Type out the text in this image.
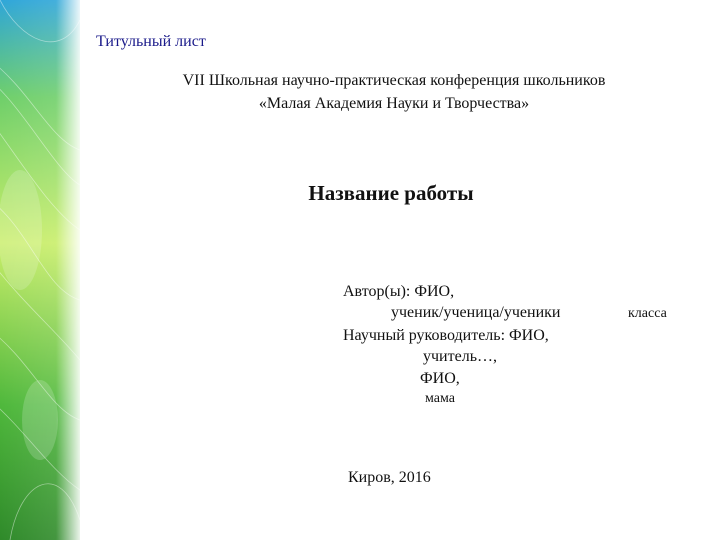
Титульный лист

VII Школьная научно-практическая конференция школьников

«Малая Академия Науки и Творчества»

Название работы

Автор(ы): ФИО,

ученик/ученица/ученики	класса

Научный руководитель: ФИО,

учитель…,

ФИО,

мама

Киров, 2016
